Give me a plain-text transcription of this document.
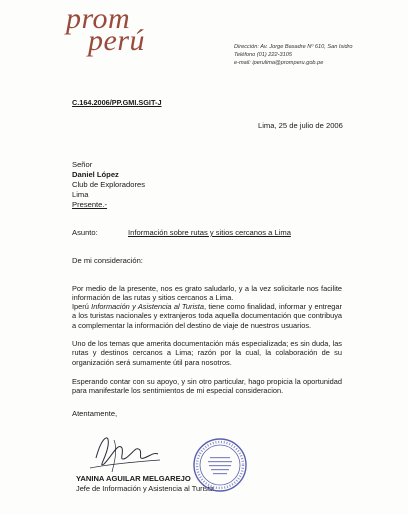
prom
perú	Dirección: Av. Jorge Basadre Nº 610, San Isidro
Teléfono (01) 222-3105
e-mail: iperulima@promperu.gob.pe
C.164.2006/PP.GMI.SGIT-J
Lima, 25 de julio de 2006
Señor
Daniel López
Club de Exploradores
Lima
Presente.-
Asunto:	Información sobre rutas y sitios cercanos a Lima
De mi consideración:
Por medio de la presente, nos es grato saludarlo, y a la vez solicitarle nos facilite información de las rutas y sitios cercanos a Lima.
Iperú Información y Asistencia al Turista, tiene como finalidad, informar y entregar a los turistas nacionales y extranjeros toda aquella documentación que contribuya a complementar la información del destino de viaje de nuestros usuarios.
Uno de los temas que amerita documentación más especializada; es sin duda, las rutas y destinos cercanos a Lima; razón por la cual, la colaboración de su organización será sumamente útil para nosotros.
Esperando contar con su apoyo, y sin otro particular, hago propicia la oportunidad para manifestarle los sentimientos de mi especial consideracion.
Atentamente,
YANINA AGUILAR MELGAREJO
Jefe de Información y Asistencia al Turista
